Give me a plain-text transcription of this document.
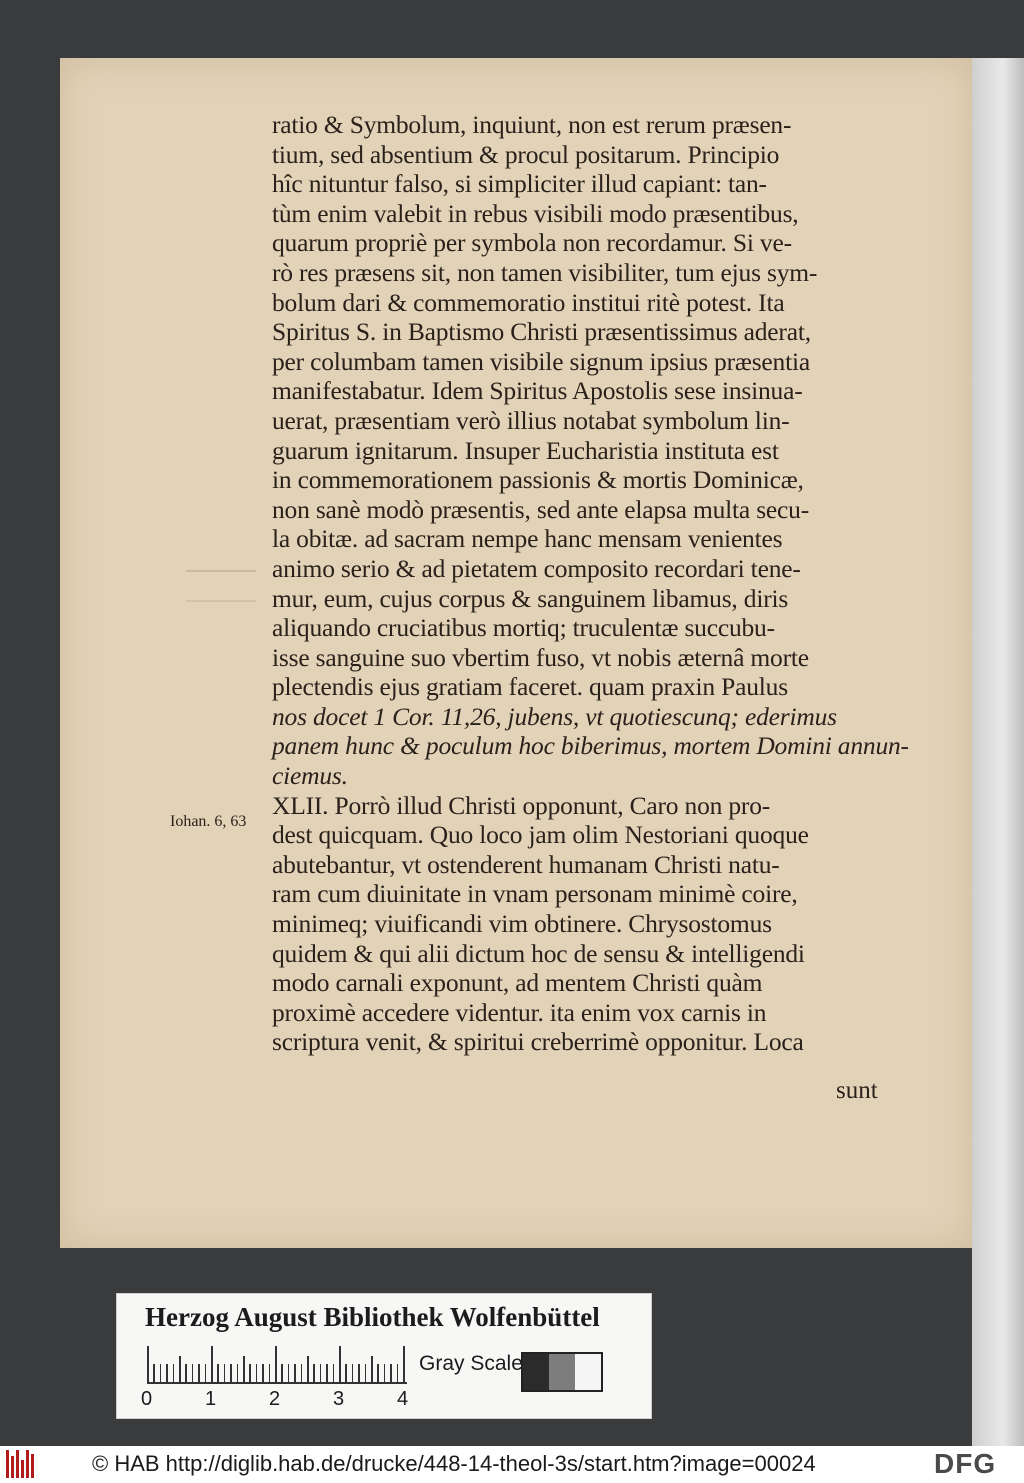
ratio & Symbolum, inquiunt, non est rerum præsen-
tium, sed absentium & procul positarum. Principio
hîc nituntur falso, si simpliciter illud capiant: tan-
tùm enim valebit in rebus visibili modo præsentibus,
quarum propriè per symbola non recordamur. Si ve-
rò res præsens sit, non tamen visibiliter, tum ejus sym-
bolum dari & commemoratio institui ritè potest. Ita
Spiritus S. in Baptismo Christi præsentissimus aderat,
per columbam tamen visibile signum ipsius præsentia
manifestabatur. Idem Spiritus Apostolis sese insinua-
uerat, præsentiam verò illius notabat symbolum lin-
guarum ignitarum. Insuper Eucharistia instituta est
in commemorationem passionis & mortis Dominicæ,
non sanè modò præsentis, sed ante elapsa multa secu-
la obitæ. ad sacram nempe hanc mensam venientes
animo serio & ad pietatem composito recordari tene-
mur, eum, cujus corpus & sanguinem libamus, diris
aliquando cruciatibus mortiq; truculentæ succubu-
isse sanguine suo vbertim fuso, vt nobis æternâ morte
plectendis ejus gratiam faceret. quam praxin Paulus
nos docet 1 Cor. 11,26, jubens, vt quotiescunq; ederimus
panem hunc & poculum hoc biberimus, mortem Domini annun-
ciemus.
XLII. Porrò illud Christi opponunt, Caro non pro-
dest quicquam. Quo loco jam olim Nestoriani quoque
abutebantur, vt ostenderent humanam Christi natu-
ram cum diuinitate in vnam personam minimè coire,
minimeq; viuificandi vim obtinere. Chrysostomus
quidem & qui alii dictum hoc de sensu & intelligendi
modo carnali exponunt, ad mentem Christi quàm
proximè accedere videntur. ita enim vox carnis in
scriptura venit, & spiritui creberrimè opponitur. Loca
Iohan. 6, 63
sunt
Herzog August Bibliothek Wolfenbüttel
0	1	2	3	4
Gray Scale
© HAB http://diglib.hab.de/drucke/448-14-theol-3s/start.htm?image=00024	DFG
